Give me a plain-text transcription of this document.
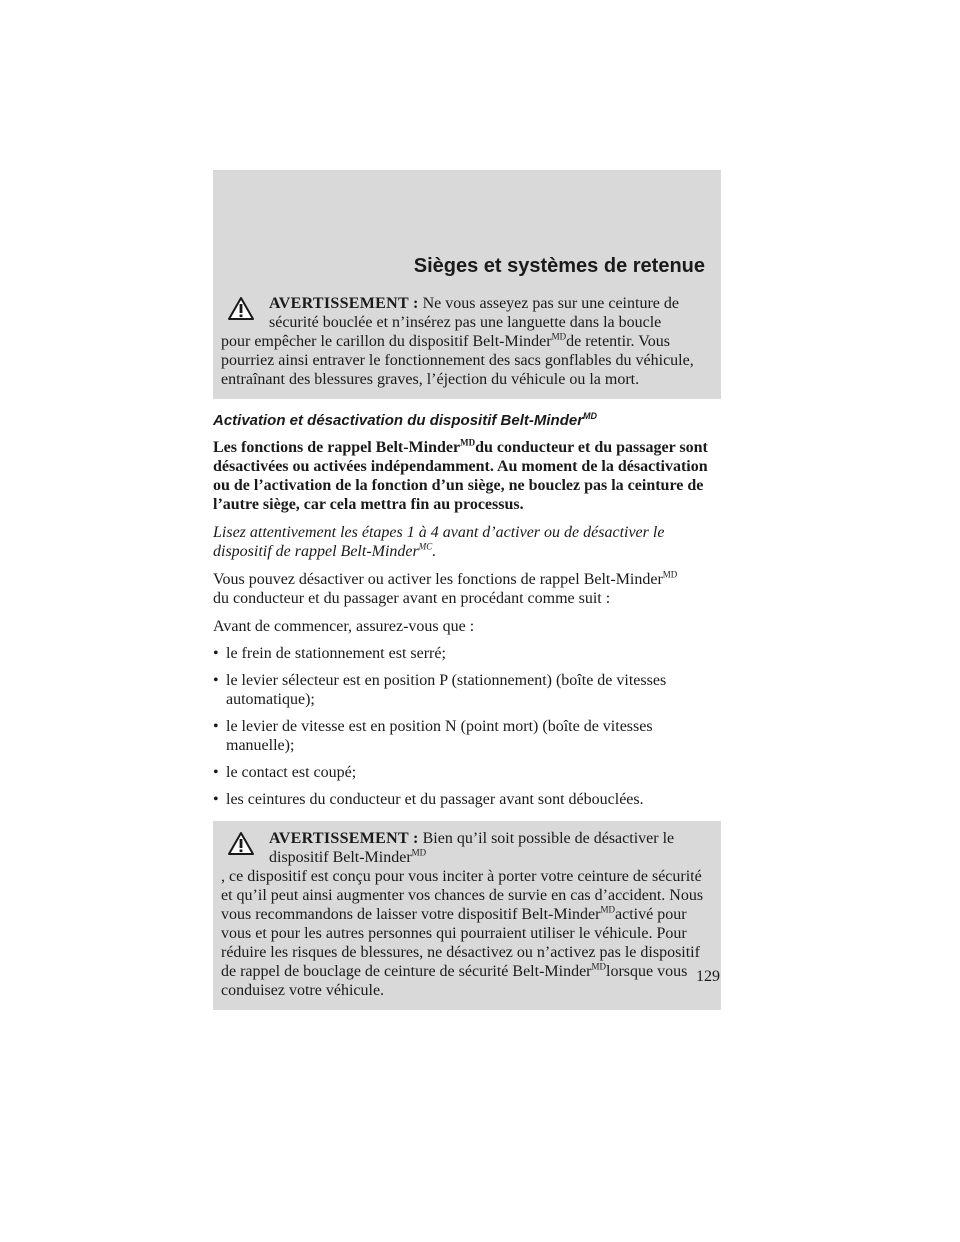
Sièges et systèmes de retenue
AVERTISSEMENT : Ne vous asseyez pas sur une ceinture de
sécurité bouclée et n’insérez pas une languette dans la boucle
pour empêcher le carillon du dispositif Belt-Minder$^{MD}$de retentir. Vous pourriez ainsi entraver le fonctionnement des sacs gonflables du véhicule, entraînant des blessures graves, l’éjection du véhicule ou la mort.

Activation et désactivation du dispositif Belt-Minder$^{MD}$

Les fonctions de rappel Belt-Minder$^{MD}$du conducteur et du passager sont désactivées ou activées indépendamment. Au moment de la désactivation ou de l’activation de la fonction d’un siège, ne bouclez pas la ceinture de l’autre siège, car cela mettra fin au processus.

Lisez attentivement les étapes 1 à 4 avant d’activer ou de désactiver le dispositif de rappel Belt-Minder$^{MC}$.

Vous pouvez désactiver ou activer les fonctions de rappel Belt-Minder$^{MD}$
du conducteur et du passager avant en procédant comme suit :

Avant de commencer, assurez-vous que :

• le frein de stationnement est serré;
• le levier sélecteur est en position P (stationnement) (boîte de vitesses automatique);
• le levier de vitesse est en position N (point mort) (boîte de vitesses manuelle);
• le contact est coupé;
• les ceintures du conducteur et du passager avant sont débouclées.
AVERTISSEMENT : Bien qu’il soit possible de désactiver le
dispositif Belt-Minder$^{MD}$
, ce dispositif est conçu pour vous inciter à porter votre ceinture de sécurité et qu’il peut ainsi augmenter vos chances de survie en cas d’accident. Nous vous recommandons de laisser votre dispositif Belt-Minder$^{MD}$activé pour vous et pour les autres personnes qui pourraient utiliser le véhicule. Pour réduire les risques de blessures, ne désactivez ou n’activez pas le dispositif de rappel de bouclage de ceinture de sécurité Belt-Minder$^{MD}$lorsque vous conduisez votre véhicule.
129
